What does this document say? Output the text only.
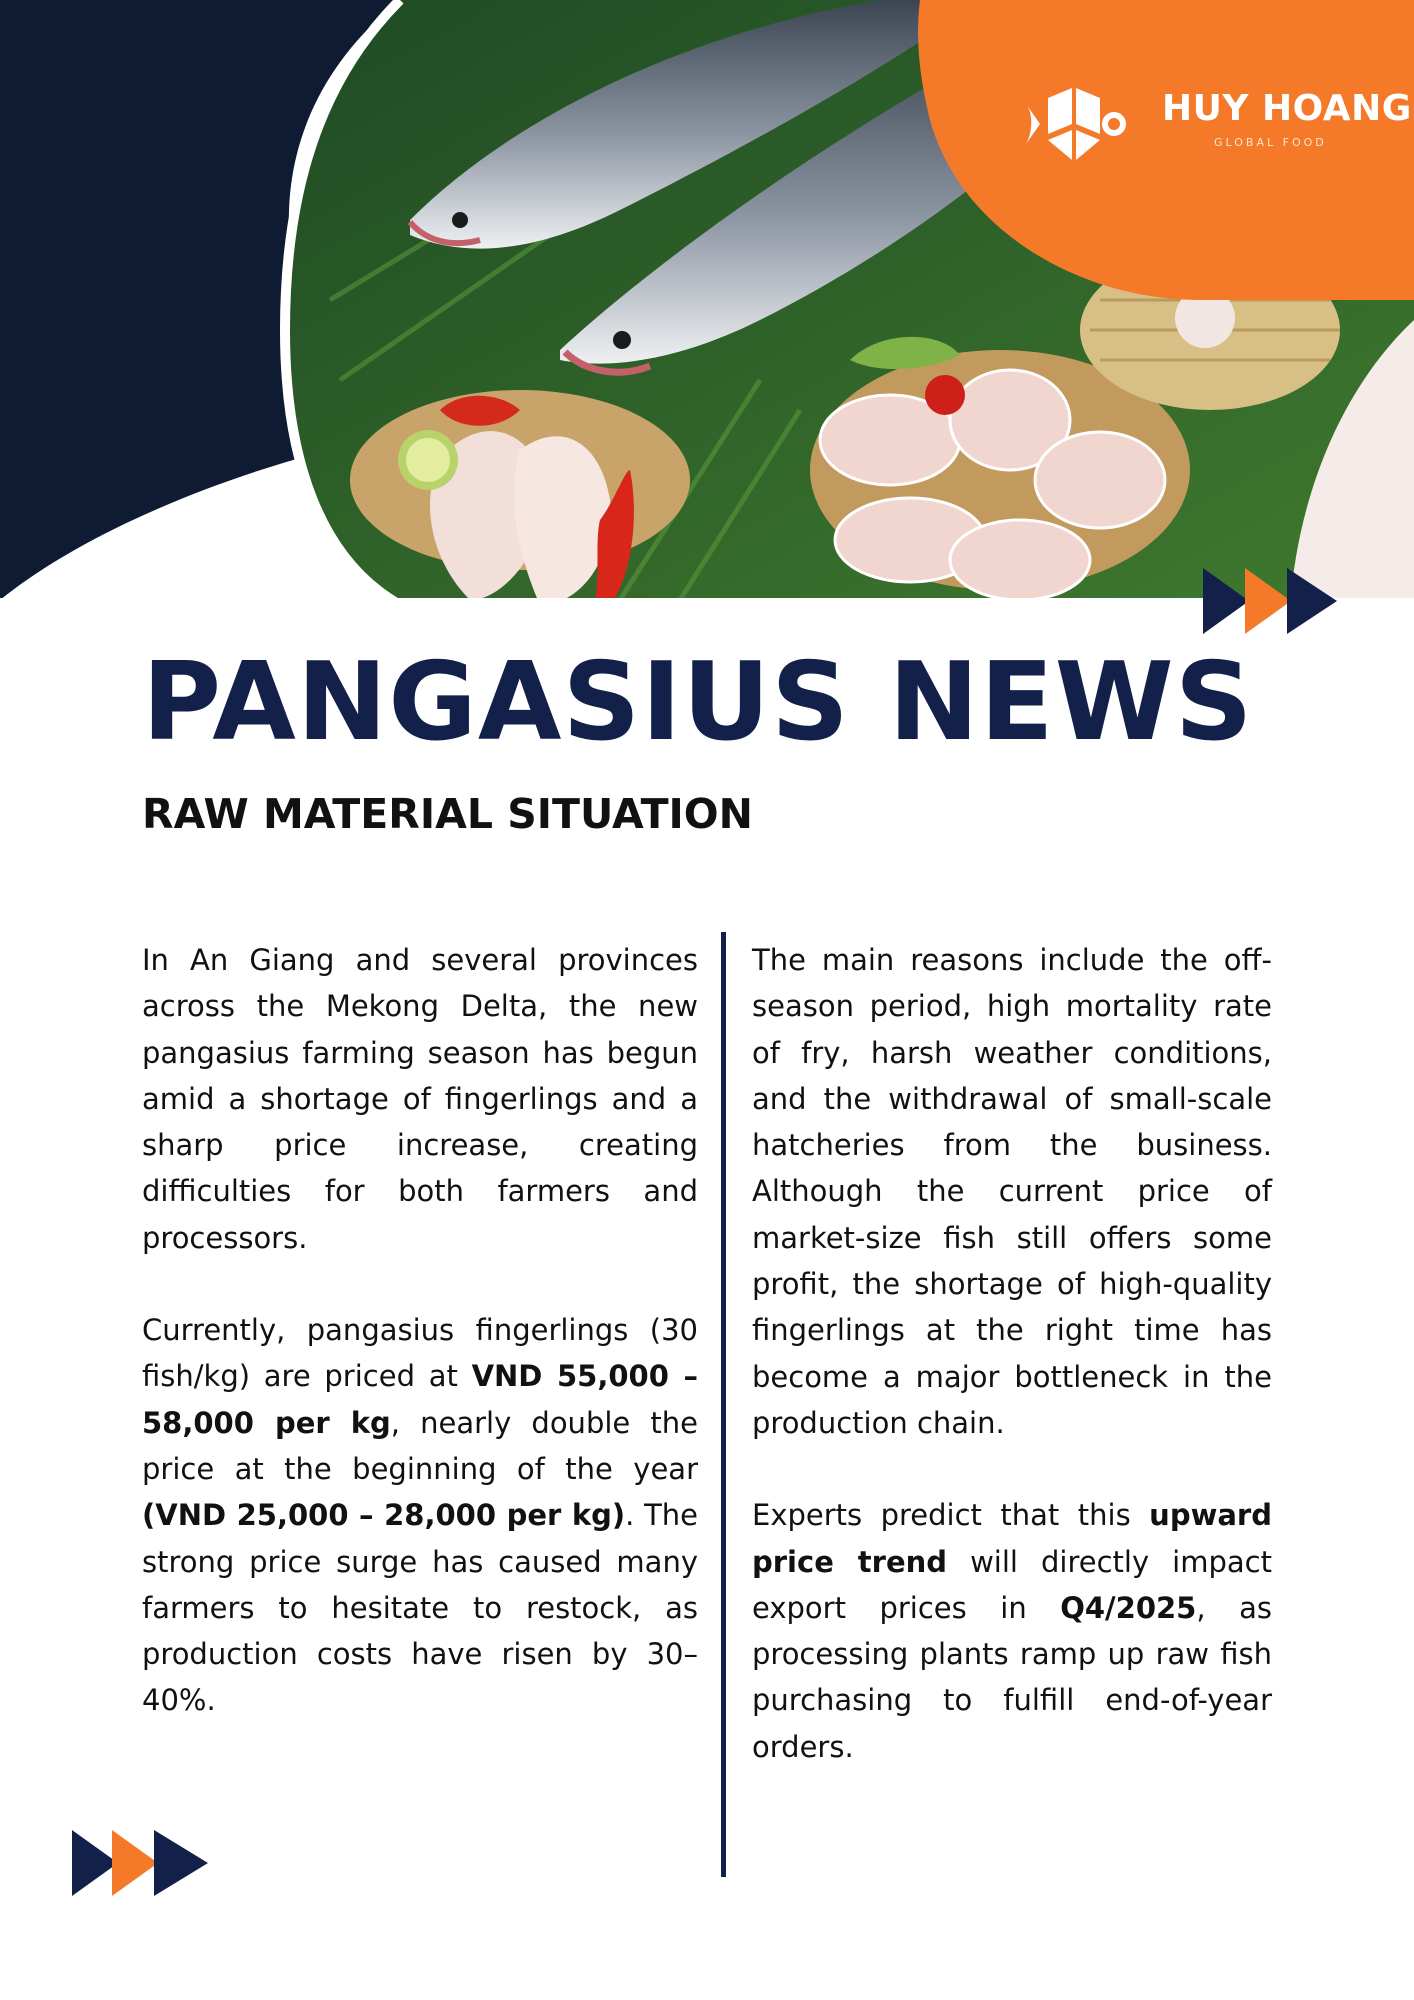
HUY HOANG
GLOBAL FOOD
PANGASIUS NEWS
RAW MATERIAL SITUATION

In An Giang and several provinces across the Mekong Delta, the new pangasius farming season has begun amid a shortage of fingerlings and a sharp price increase, creating difficulties for both farmers and processors.

Currently, pangasius fingerlings (30 fish/kg) are priced at VND 55,000 – 58,000 per kg, nearly double the price at the beginning of the year (VND 25,000 – 28,000 per kg). The strong price surge has caused many farmers to hesitate to restock, as production costs have risen by 30–40%.

The main reasons include the off-season period, high mortality rate of fry, harsh weather conditions, and the withdrawal of small-scale hatcheries from the business. Although the current price of market-size fish still offers some profit, the shortage of high-quality fingerlings at the right time has become a major bottleneck in the production chain.

Experts predict that this upward price trend will directly impact export prices in Q4/2025, as processing plants ramp up raw fish purchasing to fulfill end-of-year orders.
